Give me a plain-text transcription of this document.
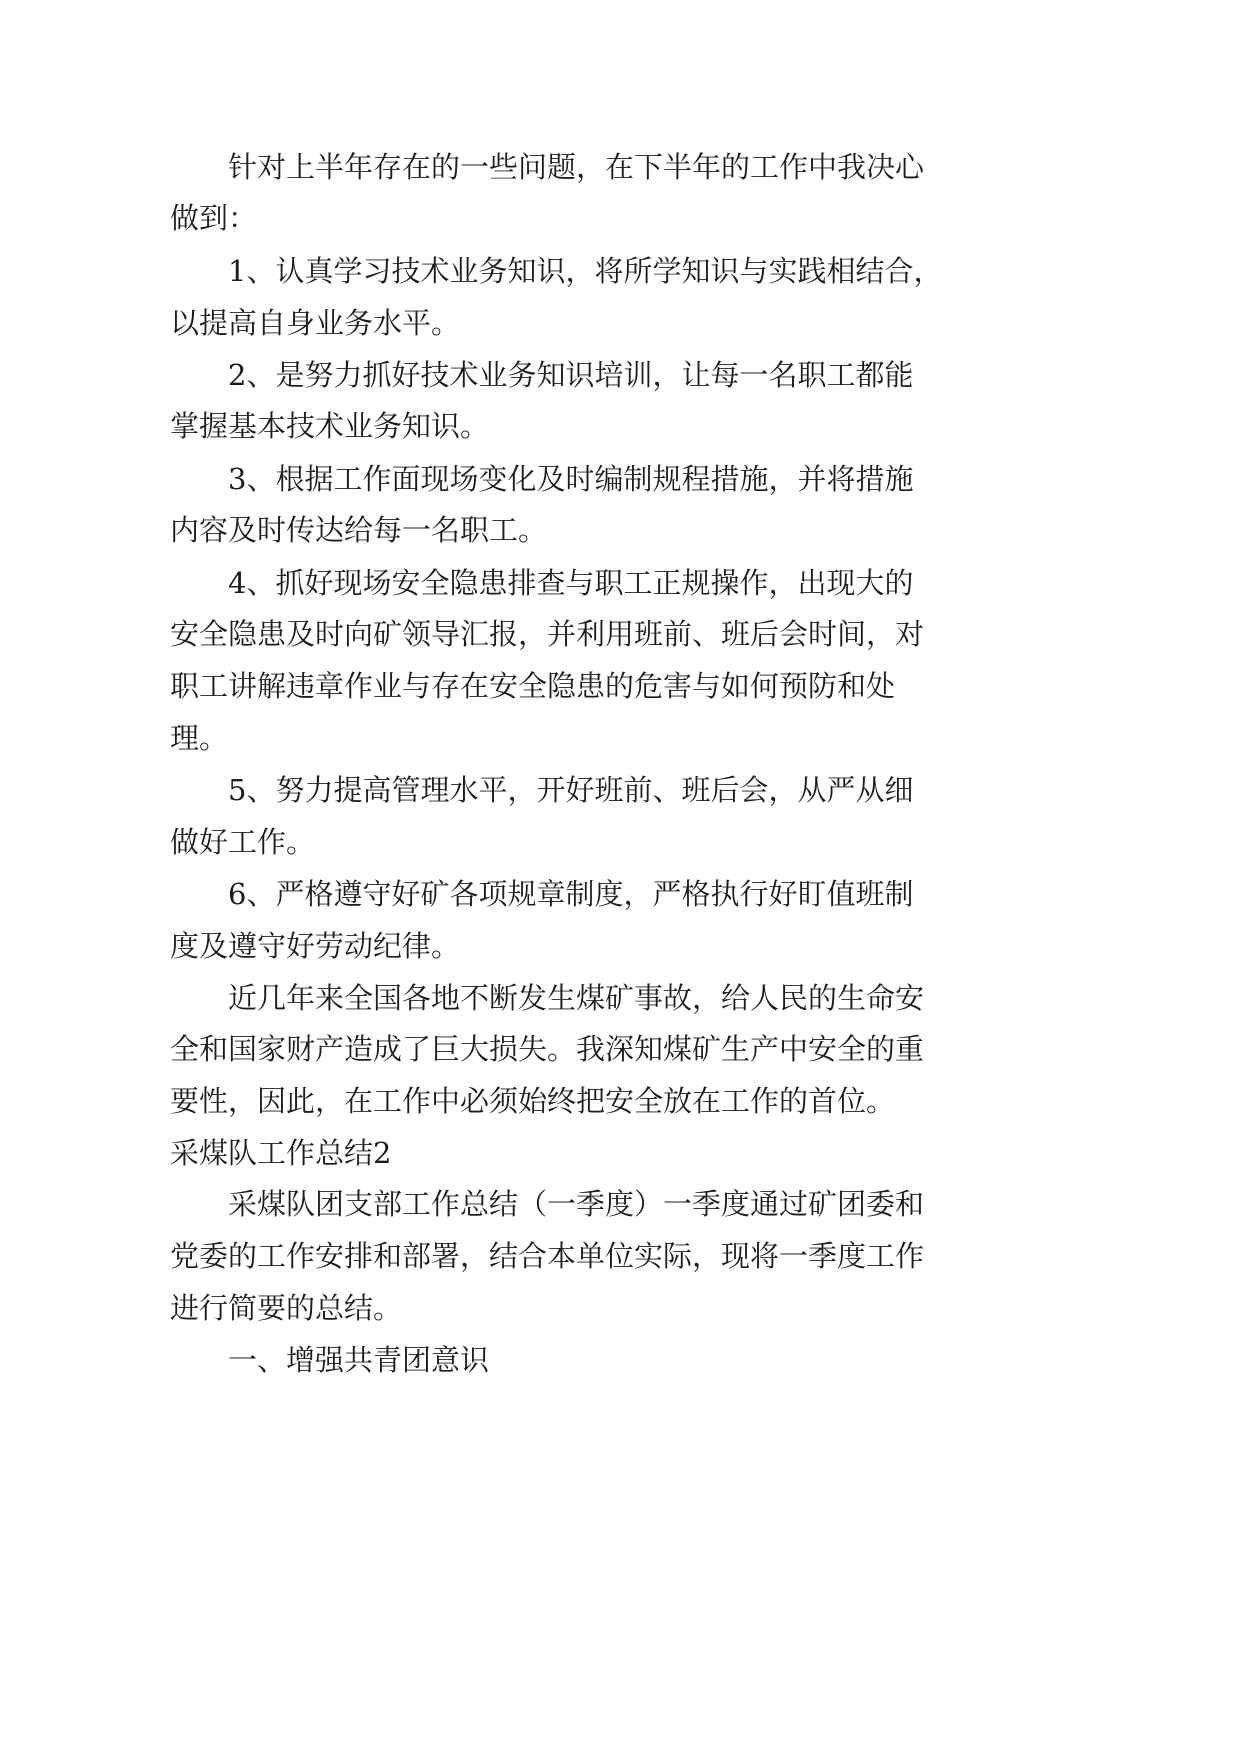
针对上半年存在的一些问题，在下半年的工作中我决心
做到：
1、认真学习技术业务知识，将所学知识与实践相结合，
以提高自身业务水平。
2、是努力抓好技术业务知识培训，让每一名职工都能
掌握基本技术业务知识。
3、根据工作面现场变化及时编制规程措施，并将措施
内容及时传达给每一名职工。
4、抓好现场安全隐患排查与职工正规操作，出现大的
安全隐患及时向矿领导汇报，并利用班前、班后会时间，对
职工讲解违章作业与存在安全隐患的危害与如何预防和处
理。
5、努力提高管理水平，开好班前、班后会，从严从细
做好工作。
6、严格遵守好矿各项规章制度，严格执行好盯值班制
度及遵守好劳动纪律。
近几年来全国各地不断发生煤矿事故，给人民的生命安
全和国家财产造成了巨大损失。我深知煤矿生产中安全的重
要性，因此，在工作中必须始终把安全放在工作的首位。
采煤队工作总结2
采煤队团支部工作总结（一季度）一季度通过矿团委和
党委的工作安排和部署，结合本单位实际，现将一季度工作
进行简要的总结。
一、增强共青团意识
